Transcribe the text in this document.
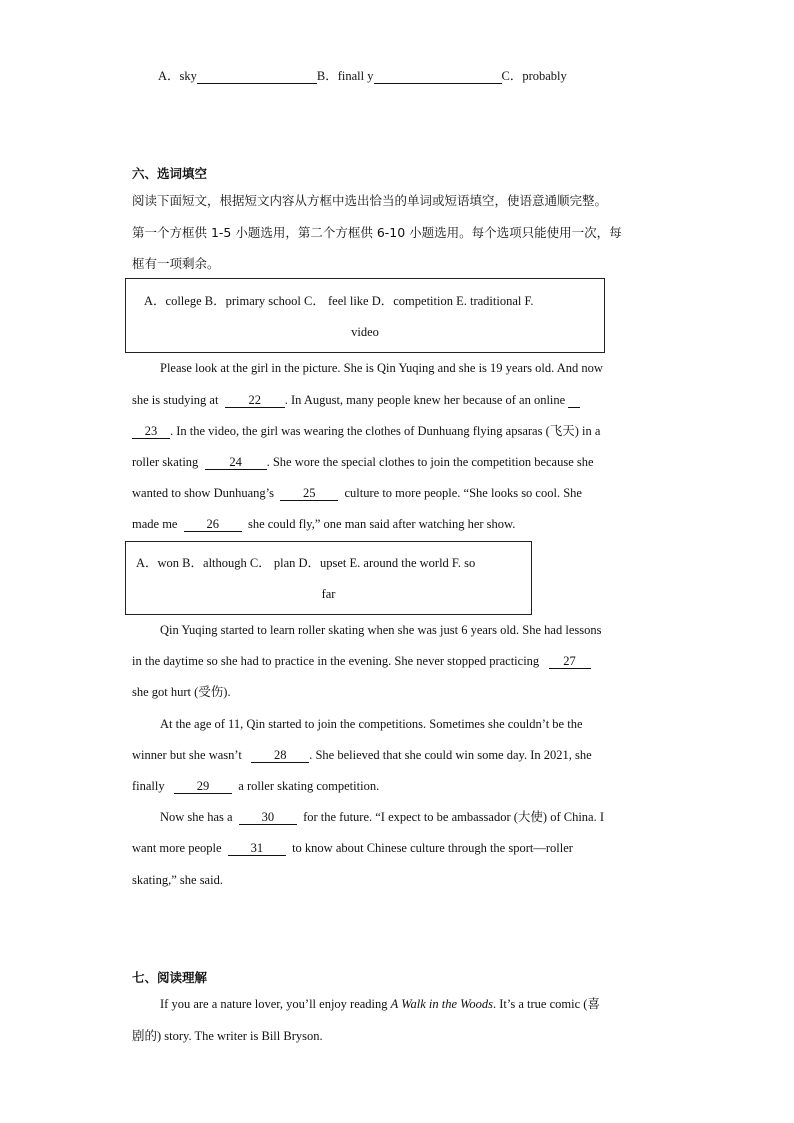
A．sky	B．finall y	C．probably
六、选词填空
阅读下面短文，根据短文内容从方框中选出恰当的单词或短语填空，使语意通顺完整。
第一个方框供 1-5 小题选用，第二个方框供 6-10 小题选用。每个选项只能使用一次，每
框有一项剩余。
A．college B．primary school C． feel like D．competition E. traditional F.
video
Please look at the girl in the picture. She is Qin Yuqing and she is 19 years old. And now
she is studying at 22 . In August, many people knew her because of an online
23 . In the video, the girl was wearing the clothes of Dunhuang flying apsaras (飞天) in a
roller skating 24 . She wore the special clothes to join the competition because she
wanted to show Dunhuang’s 25 culture to more people. “She looks so cool. She
made me 26 she could fly,” one man said after watching her show.
A．won B．although C． plan D．upset E. around the world F. so
far
Qin Yuqing started to learn roller skating when she was just 6 years old. She had lessons
in the daytime so she had to practice in the evening. She never stopped practicing 27
she got hurt (受伤).
At the age of 11, Qin started to join the competitions. Sometimes she couldn’t be the
winner but she wasn’t	28 . She believed that she could win some day. In 2021, she
finally	29 a roller skating competition.
Now she has a 30 for the future. “I expect to be ambassador (大使) of China. I
want more people 31 to know about Chinese culture through the sport—roller
skating,” she said.
七、阅读理解
If you are a nature lover, you’ll enjoy reading A Walk in the Woods. It’s a true comic (喜
剧的) story. The writer is Bill Bryson.
